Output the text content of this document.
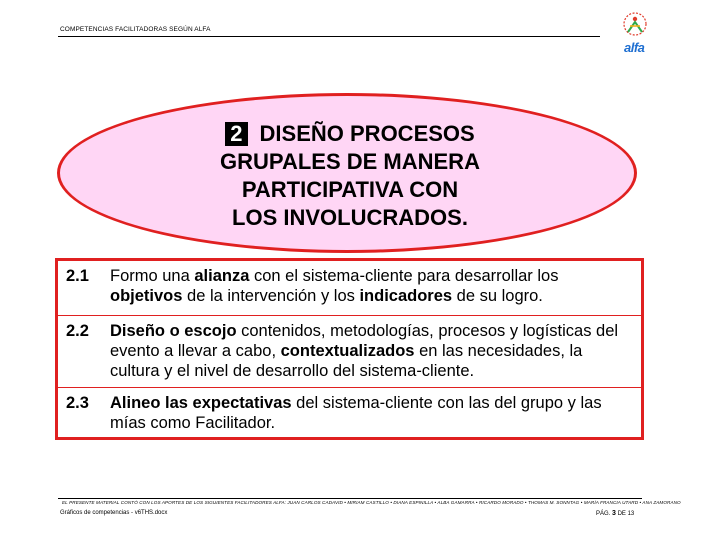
COMPETENCIAS FACILITADORAS SEGÚN ALFA
alfa
2 DISEÑO PROCESOS
GRUPALES DE MANERA
PARTICIPATIVA CON
LOS INVOLUCRADOS.
2.1 Formo una alianza con el sistema-cliente para desarrollar los objetivos de la intervención y los indicadores de su logro.
2.2 Diseño o escojo contenidos, metodologías, procesos y logísticas del evento a llevar a cabo, contextualizados en las necesidades, la cultura y el nivel de desarrollo del sistema-cliente.
2.3 Alineo las expectativas del sistema-cliente con las del grupo y las mías como Facilitador.
EL PRESENTE MATERIAL CONTÓ CON LOS APORTES DE LOS SIGUIENTES FACILITADORES ALFA: JUAN CARLOS CADAVID • MIRIAM CASTILLO • DIANA ESPINILLA • ALBA GAMARRA • RICARDO MORADO • THOMAS M. SONNTAG • MARÍA FRANCIA UTARD • ANA ZAMORANO
Gráficos de competencias - v6THS.docx	PÁG. 3 DE 13
